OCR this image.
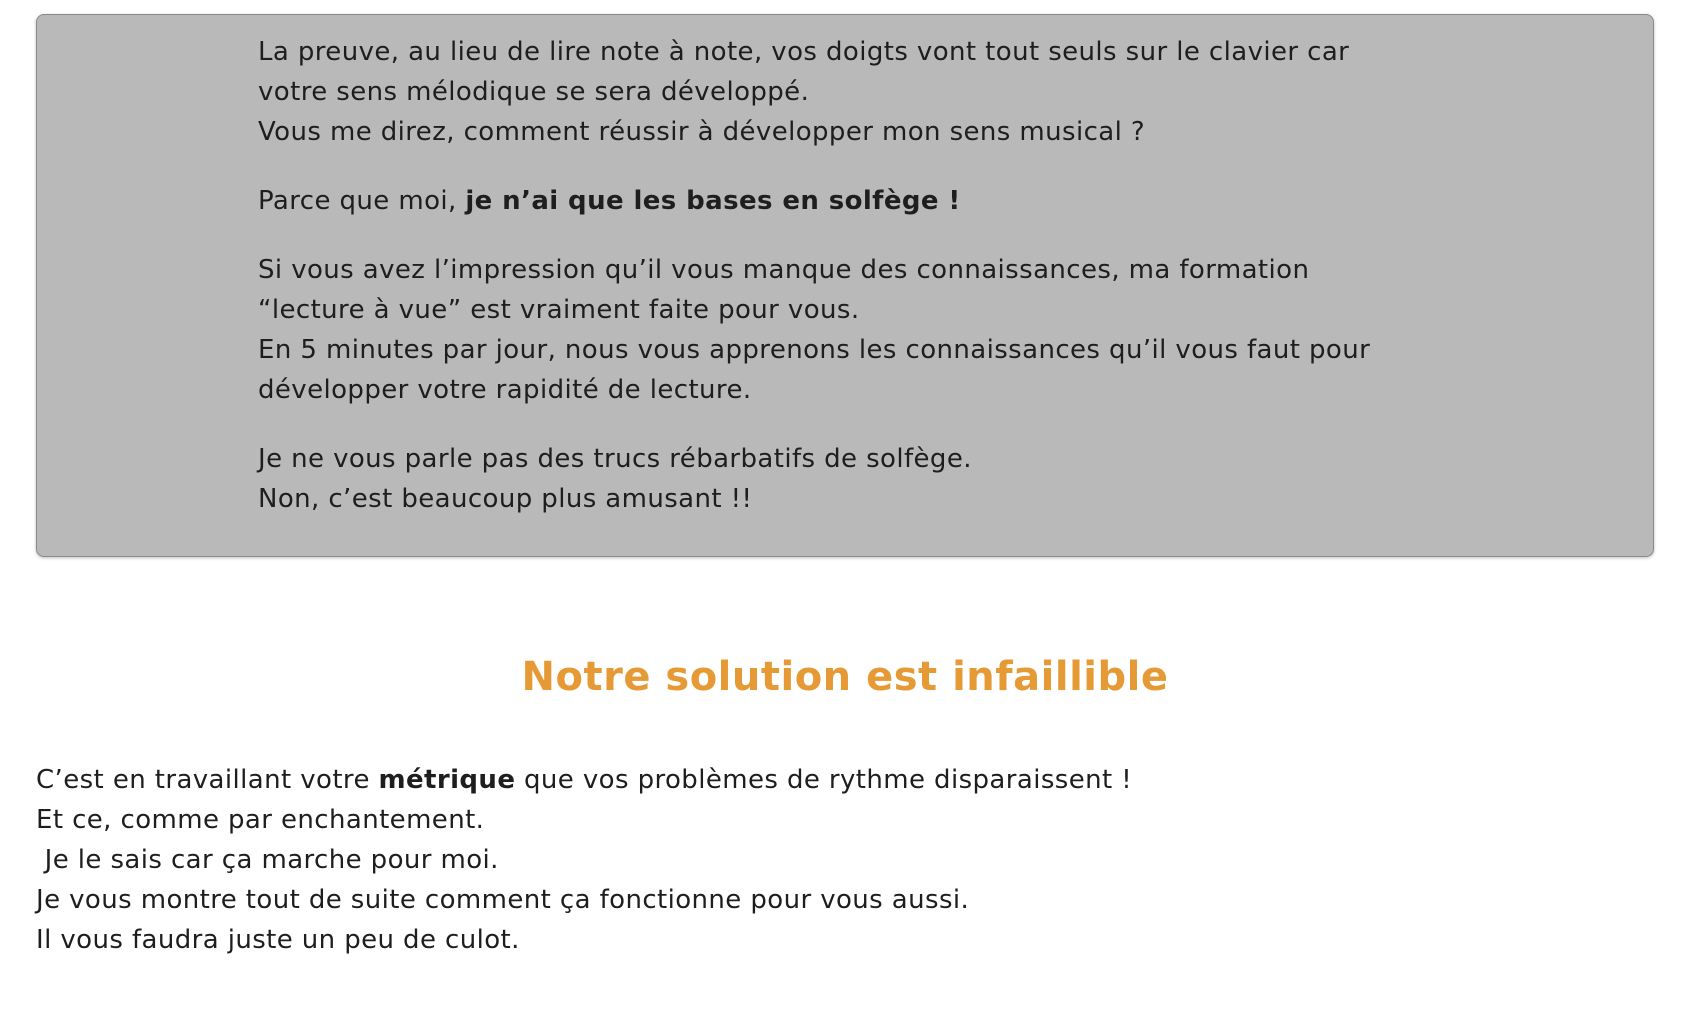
La preuve, au lieu de lire note à note, vos doigts vont tout seuls sur le clavier car
votre sens mélodique se sera développé.
Vous me direz, comment réussir à développer mon sens musical ?

Parce que moi, je n’ai que les bases en solfège !

Si vous avez l’impression qu’il vous manque des connaissances, ma formation
“lecture à vue” est vraiment faite pour vous.
En 5 minutes par jour, nous vous apprenons les connaissances qu’il vous faut pour
développer votre rapidité de lecture.

Je ne vous parle pas des trucs rébarbatifs de solfège.
Non, c’est beaucoup plus amusant !!

Notre solution est infaillible

C’est en travaillant votre métrique que vos problèmes de rythme disparaissent !
Et ce, comme par enchantement.
Je le sais car ça marche pour moi.
Je vous montre tout de suite comment ça fonctionne pour vous aussi.
Il vous faudra juste un peu de culot.
